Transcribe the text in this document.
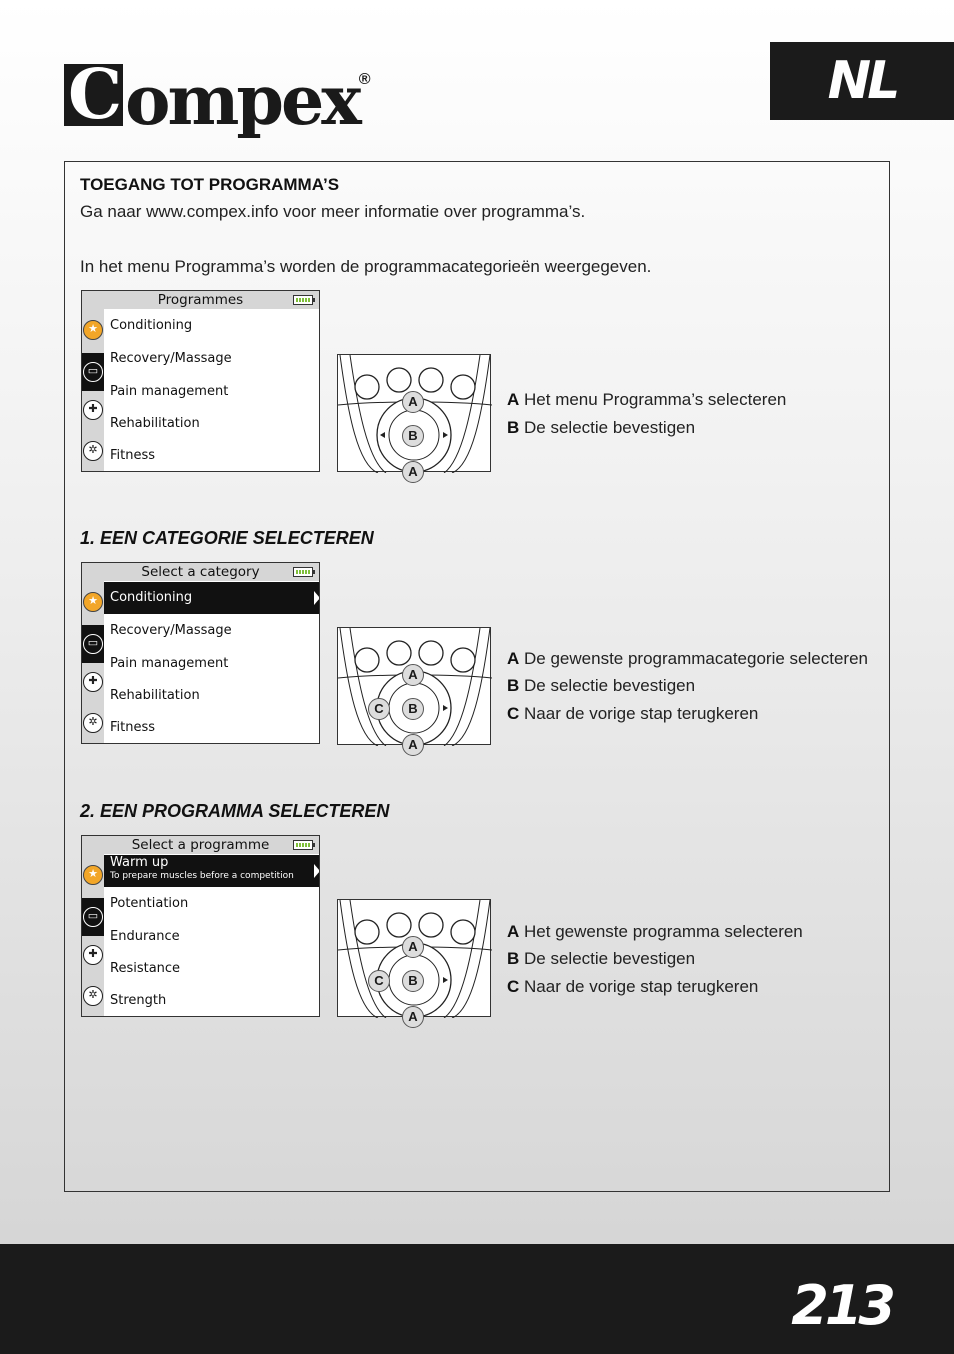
Compex®	NL
TOEGANG TOT PROGRAMMA’S
Ga naar www.compex.info voor meer informatie over programma’s.
In het menu Programma’s worden de programmacategorieën weergegeven.
Programmes
★
▭
✚
✲
Conditioning
Recovery/Massage
Pain management
Rehabilitation
Fitness
A
B
A
A Het menu Programma’s selecteren
B De selectie bevestigen
1. EEN CATEGORIE SELECTEREN
Select a category
★
▭
✚
✲
Conditioning
Recovery/Massage
Pain management
Rehabilitation
Fitness
A
B
C
A
A De gewenste programmacategorie selecteren
B De selectie bevestigen
C Naar de vorige stap terugkeren
2. EEN PROGRAMMA SELECTEREN
Select a programme
★
▭
✚
✲
Warm up
To prepare muscles before a competition
Potentiation
Endurance
Resistance
Strength
A
B
C
A
A Het gewenste programma selecteren
B De selectie bevestigen
C Naar de vorige stap terugkeren
213
